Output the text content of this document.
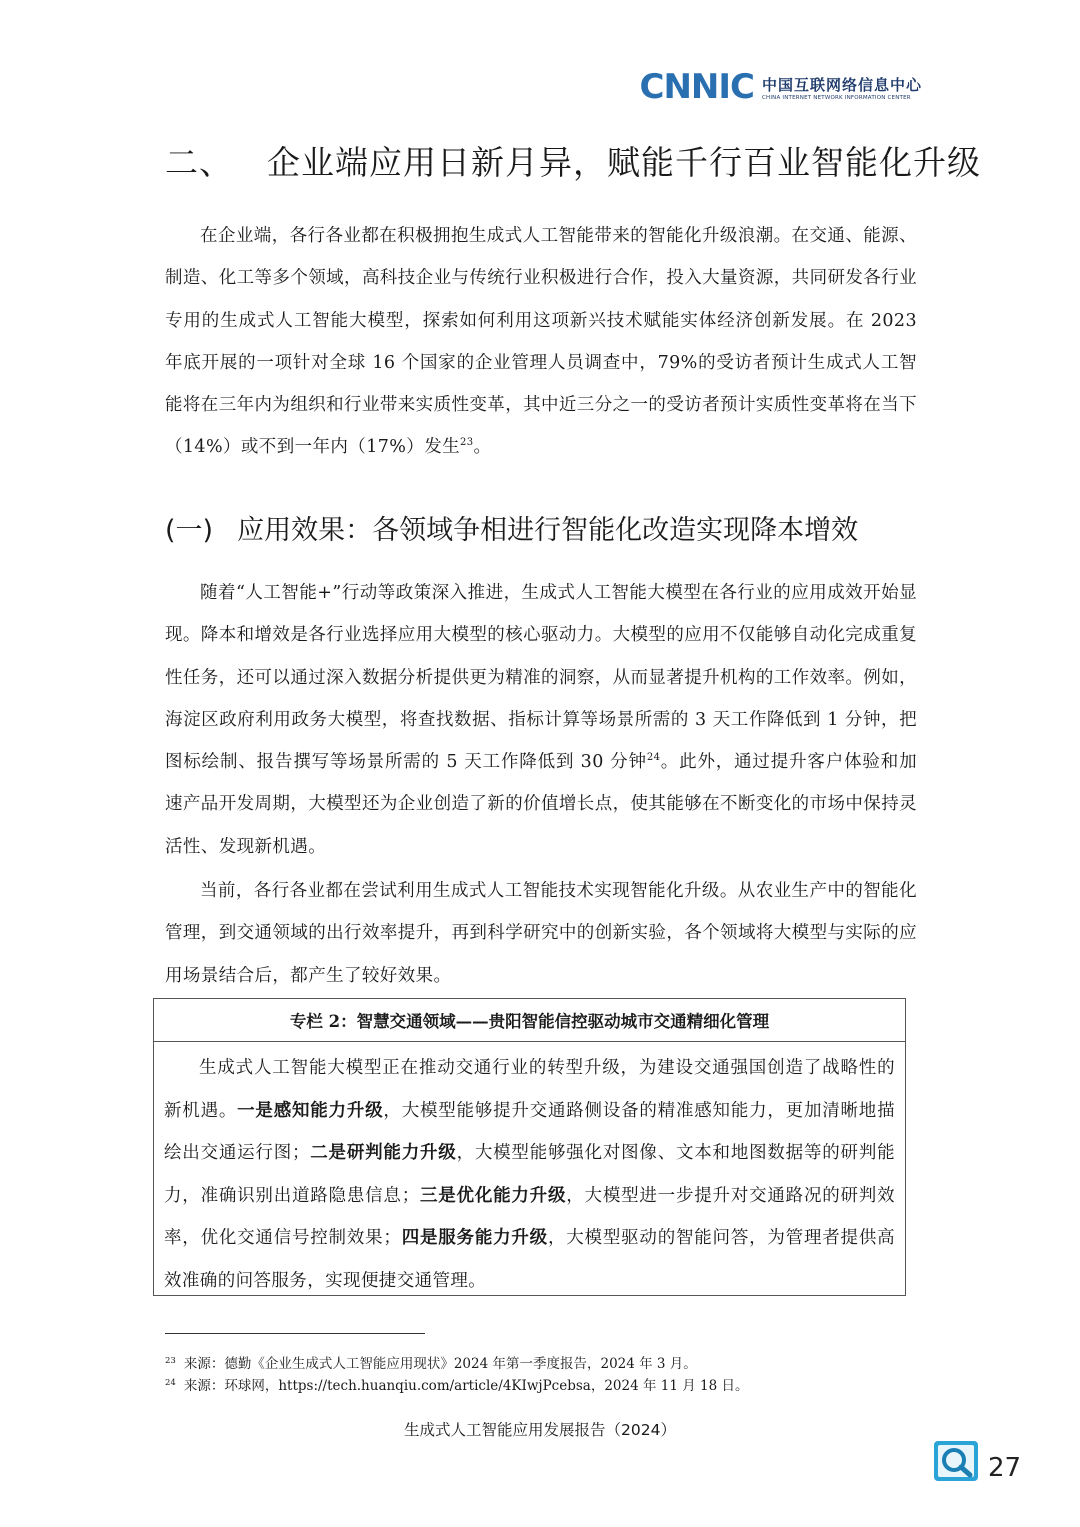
CNNIC 中国互联网络信息中心
CHINA INTERNET NETWORK INFORMATION CENTER
二、 企业端应用日新月异，赋能千行百业智能化升级

在企业端，各行各业都在积极拥抱生成式人工智能带来的智能化升级浪潮。在交通、能源、制造、化工等多个领域，高科技企业与传统行业积极进行合作，投入大量资源，共同研发各行业专用的生成式人工智能大模型，探索如何利用这项新兴技术赋能实体经济创新发展。在 2023 年底开展的一项针对全球 16 个国家的企业管理人员调查中，79%的受访者预计生成式人工智能将在三年内为组织和行业带来实质性变革，其中近三分之一的受访者预计实质性变革将在当下（14%）或不到一年内（17%）发生$^{23}$。

(一) 应用效果：各领域争相进行智能化改造实现降本增效

随着“人工智能+”行动等政策深入推进，生成式人工智能大模型在各行业的应用成效开始显现。降本和增效是各行业选择应用大模型的核心驱动力。大模型的应用不仅能够自动化完成重复性任务，还可以通过深入数据分析提供更为精准的洞察，从而显著提升机构的工作效率。例如，海淀区政府利用政务大模型，将查找数据、指标计算等场景所需的 3 天工作降低到 1 分钟，把图标绘制、报告撰写等场景所需的 5 天工作降低到 30 分钟$^{24}$。此外，通过提升客户体验和加速产品开发周期，大模型还为企业创造了新的价值增长点，使其能够在不断变化的市场中保持灵活性、发现新机遇。

当前，各行各业都在尝试利用生成式人工智能技术实现智能化升级。从农业生产中的智能化管理，到交通领域的出行效率提升，再到科学研究中的创新实验，各个领域将大模型与实际的应用场景结合后，都产生了较好效果。

专栏 2：智慧交通领域——贵阳智能信控驱动城市交通精细化管理

生成式人工智能大模型正在推动交通行业的转型升级，为建设交通强国创造了战略性的新机遇。一是感知能力升级，大模型能够提升交通路侧设备的精准感知能力，更加清晰地描绘出交通运行图；二是研判能力升级，大模型能够强化对图像、文本和地图数据等的研判能力，准确识别出道路隐患信息；三是优化能力升级，大模型进一步提升对交通路况的研判效率，优化交通信号控制效果；四是服务能力升级，大模型驱动的智能问答，为管理者提供高效准确的问答服务，实现便捷交通管理。

$^{23}$ 来源：德勤《企业生成式人工智能应用现状》2024 年第一季度报告，2024 年 3 月。

$^{24}$ 来源：环球网，https://tech.huanqiu.com/article/4KIwjPcebsa，2024 年 11 月 18 日。

生成式人工智能应用发展报告（2024）
27
